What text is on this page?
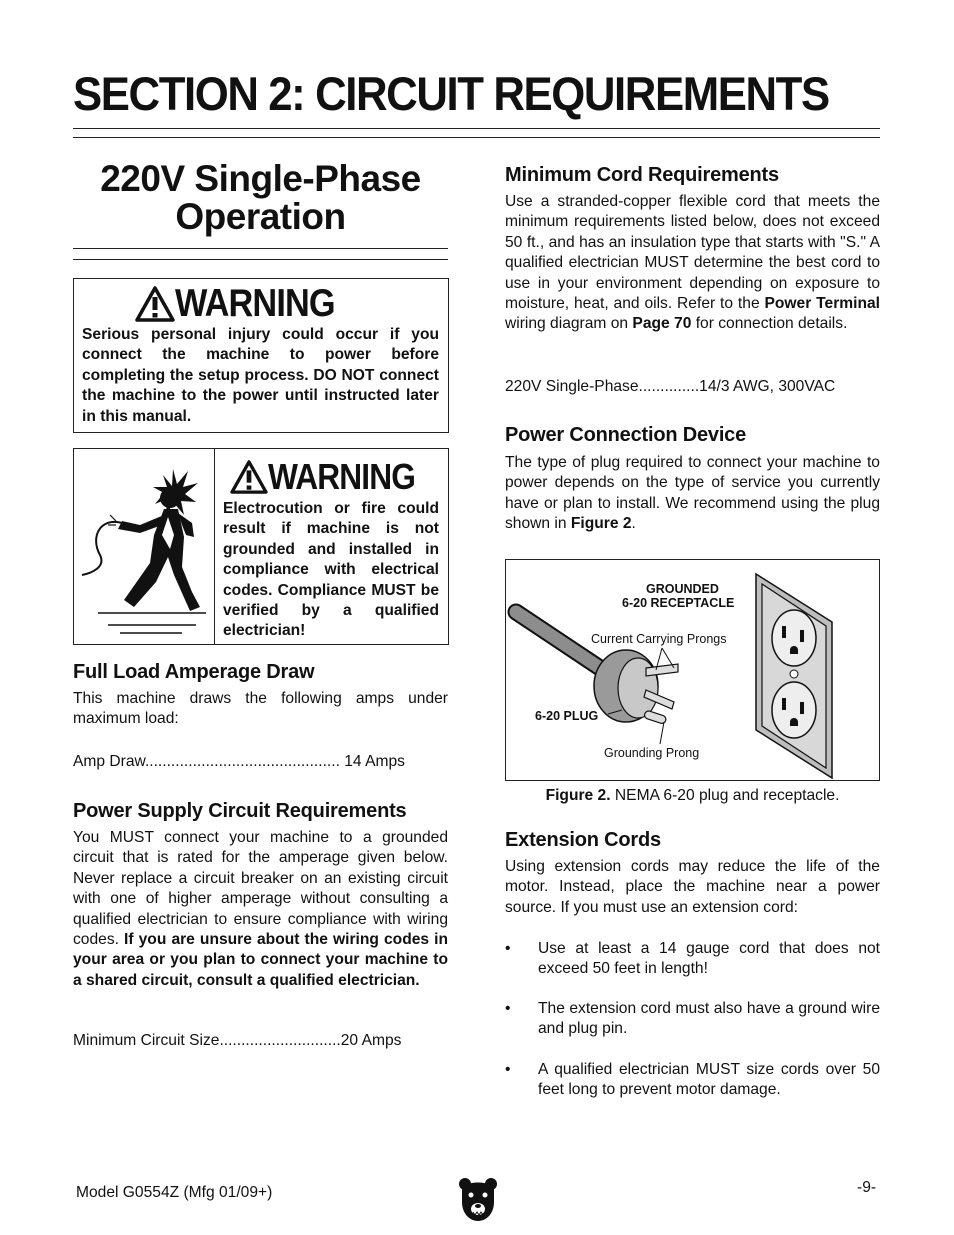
SECTION 2: CIRCUIT REQUIREMENTS
220V Single-Phase
Operation
WARNING
Serious personal injury could occur if you connect the machine to power before completing the setup process. DO NOT connect the machine to the power until instructed later in this manual.
WARNING
Electrocution or fire could result if machine is not grounded and installed in compliance with electrical codes. Compliance MUST be verified by a qualified electrician!
Full Load Amperage Draw
This machine draws the following amps under maximum load:
Amp Draw............................................. 14 Amps
Power Supply Circuit Requirements
You MUST connect your machine to a grounded circuit that is rated for the amperage given below. Never replace a circuit breaker on an existing circuit with one of higher amperage without consulting a qualified electrician to ensure compliance with wiring codes. If you are unsure about the wiring codes in your area or you plan to connect your machine to a shared circuit, consult a qualified electrician.
Minimum Circuit Size............................20 Amps
Minimum Cord Requirements
Use a stranded-copper flexible cord that meets the minimum requirements listed below, does not exceed 50 ft., and has an insulation type that starts with "S." A qualified electrician MUST determine the best cord to use in your environment depending on exposure to moisture, heat, and oils. Refer to the Power Terminal wiring diagram on Page 70 for connection details.
220V Single-Phase..............14/3 AWG, 300VAC
Power Connection Device
The type of plug required to connect your machine to power depends on the type of service you currently have or plan to install. We recommend using the plug shown in Figure 2.
GROUNDED
6-20 RECEPTACLE
Current Carrying Prongs
6-20 PLUG
Grounding Prong
Figure 2. NEMA 6-20 plug and receptacle.
Extension Cords
Using extension cords may reduce the life of the motor. Instead, place the machine near a power source. If you must use an extension cord:
• Use at least a 14 gauge cord that does not exceed 50 feet in length!
• The extension cord must also have a ground wire and plug pin.
• A qualified electrician MUST size cords over 50 feet long to prevent motor damage.
Model G0554Z (Mfg 01/09+)	-9-
